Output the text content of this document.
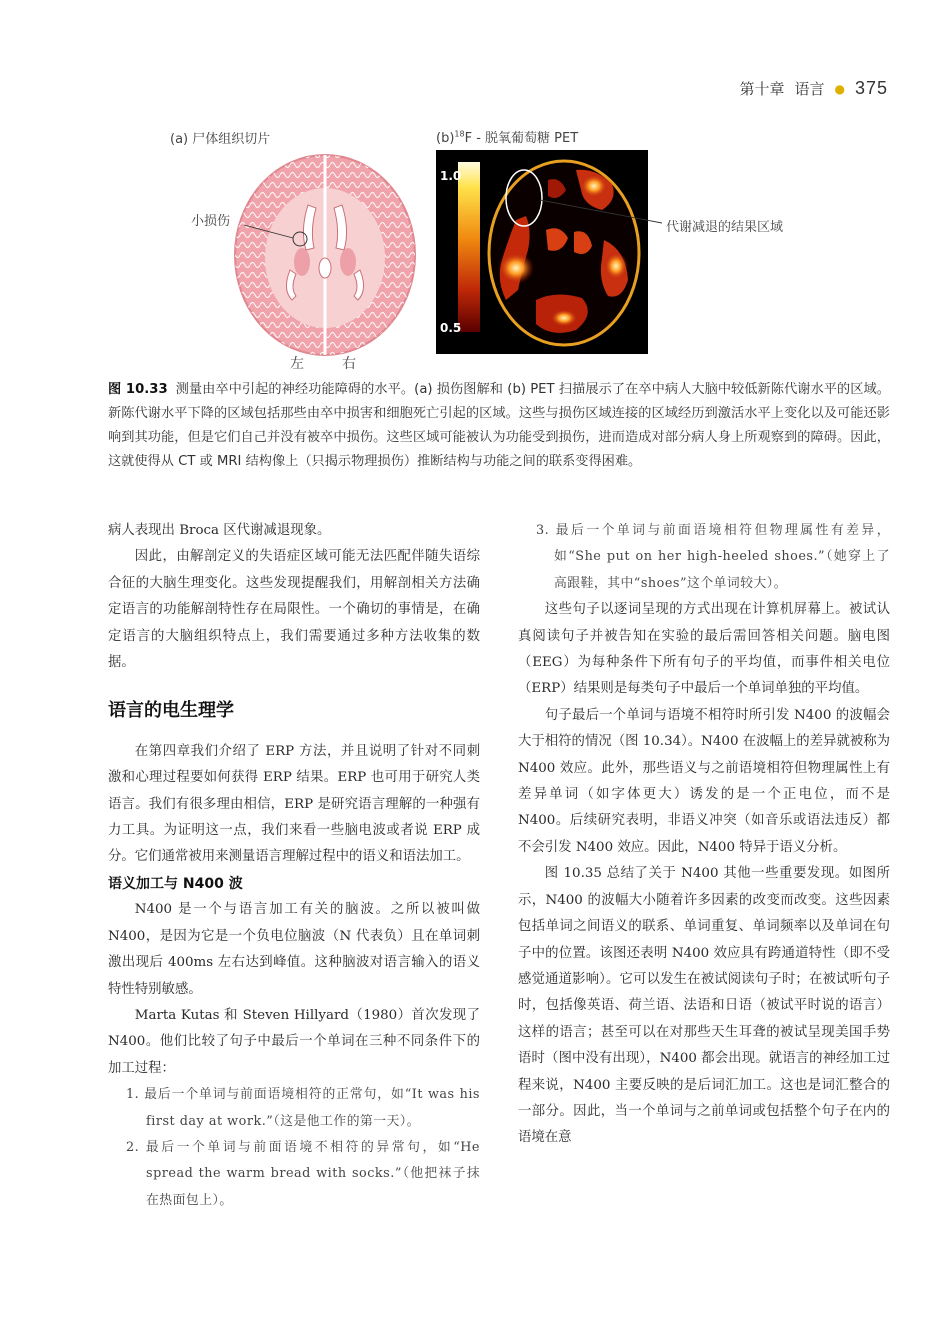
第十章 语言 ● 375
(a) 尸体组织切片	$(b)^{18}F$ - 脱氧葡萄糖 PET
小损伤
左	右
1.0
0.5
代谢减退的结果区域
图 10.33 测量由卒中引起的神经功能障碍的水平。(a) 损伤图解和 (b) PET 扫描展示了在卒中病人大脑中较低新陈代谢水平的区域。新陈代谢水平下降的区域包括那些由卒中损害和细胞死亡引起的区域。这些与损伤区域连接的区域经历到激活水平上变化以及可能还影响到其功能，但是它们自己并没有被卒中损伤。这些区域可能被认为功能受到损伤，进而造成对部分病人身上所观察到的障碍。因此，这就使得从 CT 或 MRI 结构像上（只揭示物理损伤）推断结构与功能之间的联系变得困难。

病人表现出 Broca 区代谢减退现象。

因此，由解剖定义的失语症区域可能无法匹配伴随失语综合征的大脑生理变化。这些发现提醒我们，用解剖相关方法确定语言的功能解剖特性存在局限性。一个确切的事情是，在确定语言的大脑组织特点上，我们需要通过多种方法收集的数据。

语言的电生理学

在第四章我们介绍了 ERP 方法，并且说明了针对不同刺激和心理过程要如何获得 ERP 结果。ERP 也可用于研究人类语言。我们有很多理由相信，ERP 是研究语言理解的一种强有力工具。为证明这一点，我们来看一些脑电波或者说 ERP 成分。它们通常被用来测量语言理解过程中的语义和语法加工。

语义加工与 N400 波

N400 是一个与语言加工有关的脑波。之所以被叫做 N400，是因为它是一个负电位脑波（N 代表负）且在单词刺激出现后 400ms 左右达到峰值。这种脑波对语言输入的语义特性特别敏感。

Marta Kutas 和 Steven Hillyard（1980）首次发现了 N400。他们比较了句子中最后一个单词在三种不同条件下的加工过程：

1. 最后一个单词与前面语境相符的正常句，如“It was his first day at work.”（这是他工作的第一天）。

2. 最后一个单词与前面语境不相符的异常句，如“He spread the warm bread with socks.”（他把袜子抹在热面包上）。

3. 最后一个单词与前面语境相符但物理属性有差异，如“She put on her high-heeled shoes.”（她穿上了高跟鞋，其中“shoes”这个单词较大）。

这些句子以逐词呈现的方式出现在计算机屏幕上。被试认真阅读句子并被告知在实验的最后需回答相关问题。脑电图（EEG）为每种条件下所有句子的平均值，而事件相关电位（ERP）结果则是每类句子中最后一个单词单独的平均值。

句子最后一个单词与语境不相符时所引发 N400 的波幅会大于相符的情况（图 10.34）。N400 在波幅上的差异就被称为 N400 效应。此外，那些语义与之前语境相符但物理属性上有差异单词（如字体更大）诱发的是一个正电位，而不是 N400。后续研究表明，非语义冲突（如音乐或语法违反）都不会引发 N400 效应。因此，N400 特异于语义分析。

图 10.35 总结了关于 N400 其他一些重要发现。如图所示，N400 的波幅大小随着许多因素的改变而改变。这些因素包括单词之间语义的联系、单词重复、单词频率以及单词在句子中的位置。该图还表明 N400 效应具有跨通道特性（即不受感觉通道影响）。它可以发生在被试阅读句子时；在被试听句子时，包括像英语、荷兰语、法语和日语（被试平时说的语言）这样的语言；甚至可以在对那些天生耳聋的被试呈现美国手势语时（图中没有出现），N400 都会出现。就语言的神经加工过程来说，N400 主要反映的是后词汇加工。这也是词汇整合的一部分。因此，当一个单词与之前单词或包括整个句子在内的语境在意
